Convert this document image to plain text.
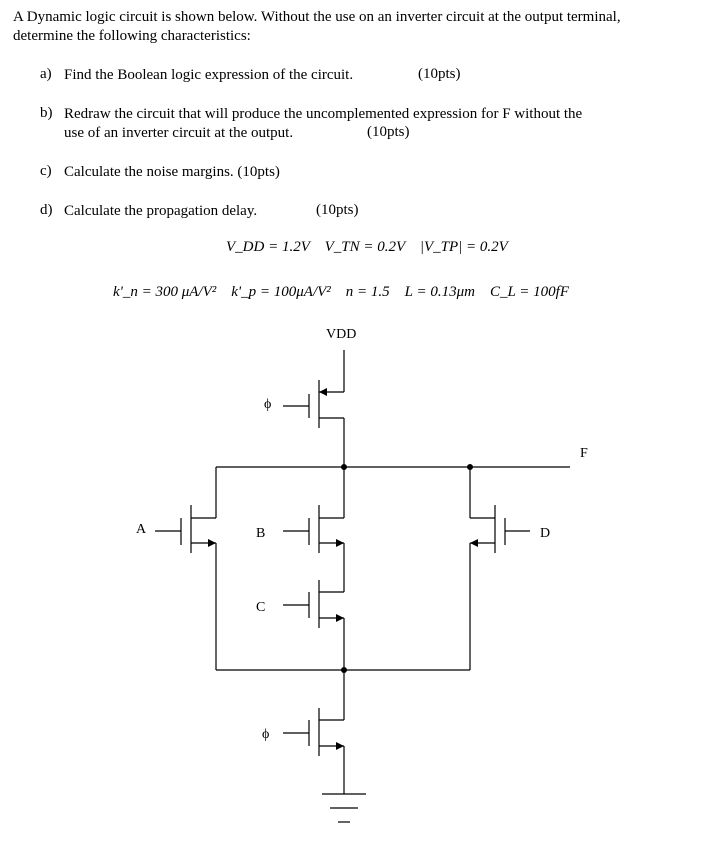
A Dynamic logic circuit is shown below. Without the use on an inverter circuit at the output terminal, determine the following characteristics:
a) Find the Boolean logic expression of the circuit.	(10pts)
b) Redraw the circuit that will produce the uncomplemented expression for F without the
use of an inverter circuit at the output.	(10pts)
c) Calculate the noise margins. (10pts)
d) Calculate the propagation delay.	(10pts)
V_DD = 1.2V V_TN = 0.2V |V_TP| = 0.2V
k'_n = 300 μA/V² k'_p = 100μA/V² n = 1.5 L = 0.13μm C_L = 100fF
VDD
ϕ
F
A	B
C
D
ϕ
